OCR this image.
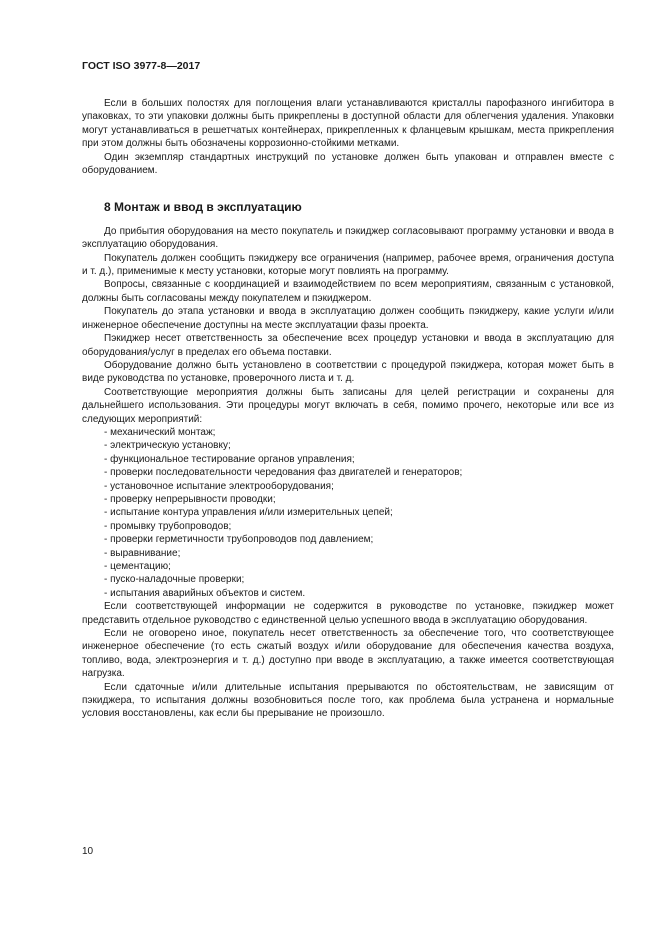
ГОСТ ISO 3977-8—2017

Если в больших полостях для поглощения влаги устанавливаются кристаллы парофазного ингибитора в упаковках, то эти упаковки должны быть прикреплены в доступной области для облегчения удаления. Упаковки могут устанавливаться в решетчатых контейнерах, прикрепленных к фланцевым крышкам, места прикрепления при этом должны быть обозначены коррозионно-стойкими метками.

Один экземпляр стандартных инструкций по установке должен быть упакован и отправлен вместе с оборудованием.

8 Монтаж и ввод в эксплуатацию

До прибытия оборудования на место покупатель и пэкиджер согласовывают программу установки и ввода в эксплуатацию оборудования.

Покупатель должен сообщить пэкиджеру все ограничения (например, рабочее время, ограничения доступа и т. д.), применимые к месту установки, которые могут повлиять на программу.

Вопросы, связанные с координацией и взаимодействием по всем мероприятиям, связанным с установкой, должны быть согласованы между покупателем и пэкиджером.

Покупатель до этапа установки и ввода в эксплуатацию должен сообщить пэкиджеру, какие услуги и/или инженерное обеспечение доступны на месте эксплуатации фазы проекта.

Пэкиджер несет ответственность за обеспечение всех процедур установки и ввода в эксплуатацию для оборудования/услуг в пределах его объема поставки.

Оборудование должно быть установлено в соответствии с процедурой пэкиджера, которая может быть в виде руководства по установке, проверочного листа и т. д.

Соответствующие мероприятия должны быть записаны для целей регистрации и сохранены для дальнейшего использования. Эти процедуры могут включать в себя, помимо прочего, некоторые или все из следующих мероприятий:

- механический монтаж;
- электрическую установку;
- функциональное тестирование органов управления;
- проверки последовательности чередования фаз двигателей и генераторов;
- установочное испытание электрооборудования;
- проверку непрерывности проводки;
- испытание контура управления и/или измерительных цепей;
- промывку трубопроводов;
- проверки герметичности трубопроводов под давлением;
- выравнивание;
- цементацию;
- пуско-наладочные проверки;
- испытания аварийных объектов и систем.

Если соответствующей информации не содержится в руководстве по установке, пэкиджер может представить отдельное руководство с единственной целью успешного ввода в эксплуатацию оборудования.

Если не оговорено иное, покупатель несет ответственность за обеспечение того, что соответствующее инженерное обеспечение (то есть сжатый воздух и/или оборудование для обеспечения качества воздуха, топливо, вода, электроэнергия и т. д.) доступно при вводе в эксплуатацию, а также имеется соответствующая нагрузка.

Если сдаточные и/или длительные испытания прерываются по обстоятельствам, не зависящим от пэкиджера, то испытания должны возобновиться после того, как проблема была устранена и нормальные условия восстановлены, как если бы прерывание не произошло.

10
